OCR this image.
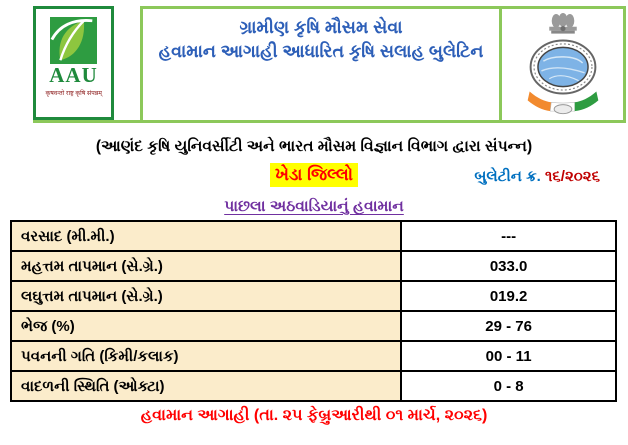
AAU
कृषवन्तो राष्ट्र कृषि संपन्नम्
ગ્રામીણ કૃષિ મૌસમ સેવા
હવામાન આગાહી આધારિત કૃષિ સલાહ બુલેટિન
(આણંદ કૃષિ યુનિવર્સીટી અને ભારત મૌસમ વિજ્ઞાન વિભાગ દ્વારા સંપન્ન)
ખેડા જિલ્લો	બુલેટીન ક્ર. ૧૬/૨૦૨૬
પાછલા અઠવાડિયાનું હવામાન
વરસાદ (મી.મી.)	---
મહત્તમ તાપમાન (સે.ગ્રે.)	033.0
લઘુત્તમ તાપમાન (સે.ગ્રે.)	019.2
ભેજ (%)	29 - 76
પવનની ગતિ (કિમી/કલાક)	00 - 11
વાદળની સ્થિતિ (ઓક્ટા)	0 - 8
હવામાન આગાહી (તા. ૨૫ ફેબ્રુઆરીથી ૦૧ માર્ચ, ૨૦૨૬)
